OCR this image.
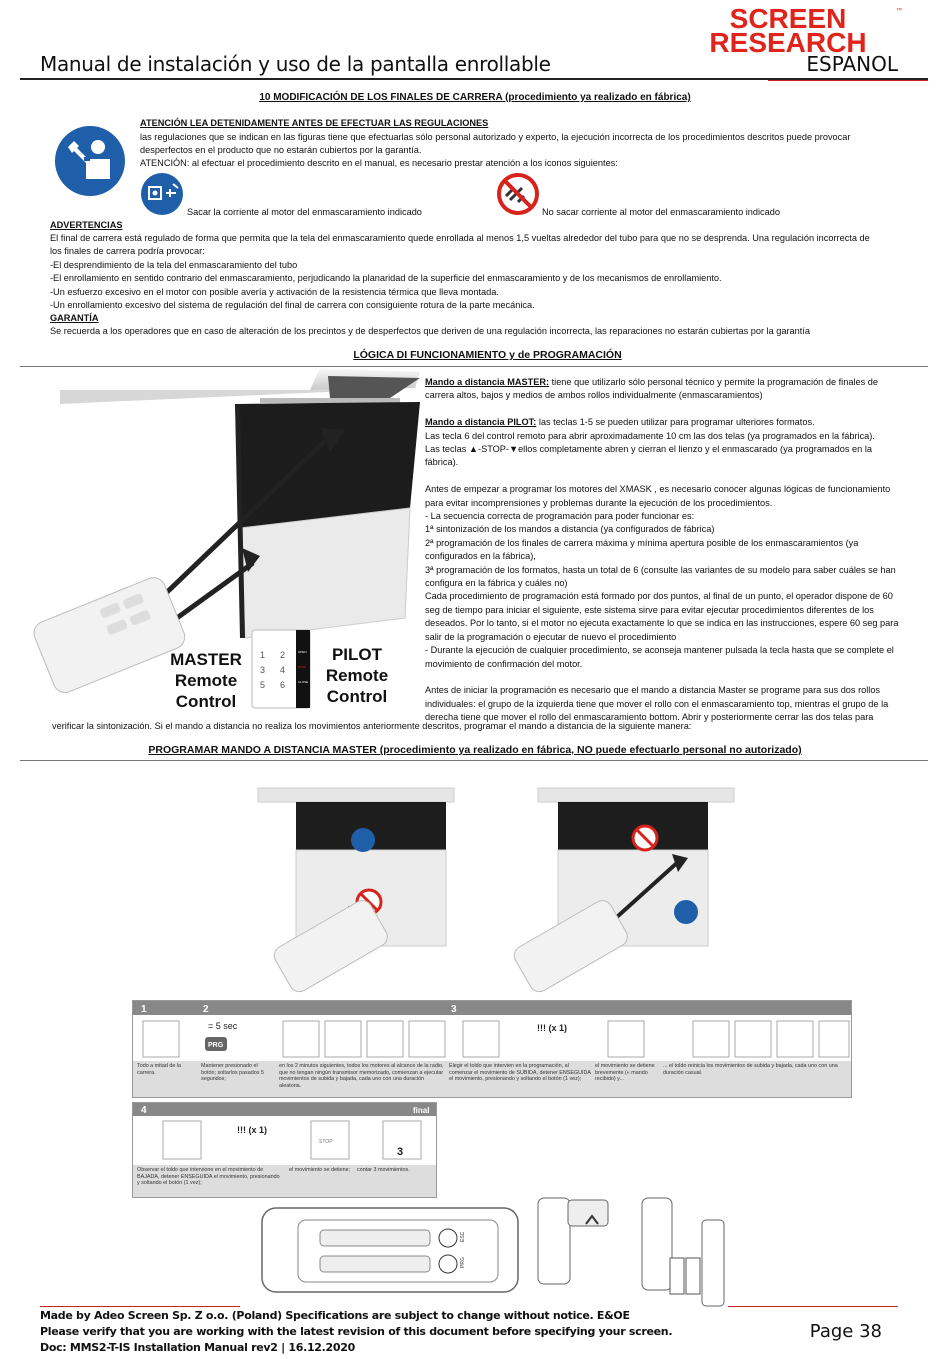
SCREEN
RESEARCH
™
Manual de instalación y uso de la pantalla enrollable	ESPANOL
10 MODIFICACIÓN DE LOS FINALES DE CARRERA (procedimiento ya realizado en fábrica)
ATENCIÓN LEA DETENIDAMENTE ANTES DE EFECTUAR LAS REGULACIONES
las regulaciones que se indican en las figuras tiene que efectuarlas sólo personal autorizado y experto, la ejecución incorrecta de los procedimientos descritos puede provocar
desperfectos en el producto que no estarán cubiertos por la garantía.
ATENCIÓN: al efectuar el procedimiento descrito en el manual, es necesario prestar atención a los iconos siguientes:
Sacar la corriente al motor del enmascaramiento indicado	No sacar corriente al motor del enmascaramiento indicado
ADVERTENCIAS
El final de carrera está regulado de forma que permita que la tela del enmascaramiento quede enrollada al menos 1,5 vueltas alrededor del tubo para que no se desprenda. Una regulación incorrecta de
los finales de carrera podría provocar:
-El desprendimiento de la tela del enmascaramiento del tubo
-El enrollamiento en sentido contrario del enmascaramiento, perjudicando la planaridad de la superficie del enmascaramiento y de los mecanismos de enrollamiento.
-Un esfuerzo excesivo en el motor con posible avería y activación de la resistencia térmica que lleva montada.
-Un enrollamiento excesivo del sistema de regulación del final de carrera con consiguiente rotura de la parte mecánica.
GARANTÍA
Se recuerda a los operadores que en caso de alteración de los precintos y de desperfectos que deriven de una regulación incorrecta, las reparaciones no estarán cubiertas por la garantía
LÓGICA DI FUNCIONAMIENTO y de PROGRAMACIÓN
1 2
3 4
5 6
OPEN
STOP
CLOSE
MASTER
Remote
Control
PILOT
Remote
Control
Mando a distancia MASTER: tiene que utilizarlo sólo personal técnico y permite la programación de finales de
carrera altos, bajos y medios de ambos rollos individualmente (enmascaramientos)
Mando a distancia PILOT: las teclas 1-5 se pueden utilizar para programar ulteriores formatos.
Las tecla 6 del control remoto para abrir aproximadamente 10 cm las dos telas (ya programados en la fábrica).
Las teclas ▲-STOP-▼ellos completamente abren y cierran el lienzo y el enmascarado (ya programados en la
fábrica).
Antes de empezar a programar los motores del XMASK , es necesario conocer algunas lógicas de funcionamiento
para evitar incomprensiones y problemas durante la ejecución de los procedimientos.
- La secuencia correcta de programación para poder funcionar es:
1ª sintonización de los mandos a distancia (ya configurados de fábrica)
2ª programación de los finales de carrera máxima y mínima apertura posible de los enmascaramientos (ya
configurados en la fábrica),
3ª programación de los formatos, hasta un total de 6 (consulte las variantes de su modelo para saber cuáles se han
configura en la fábrica y cuáles no)
Cada procedimiento de programación está formado por dos puntos, al final de un punto, el operador dispone de 60
seg de tiempo para iniciar el siguiente, este sistema sirve para evitar ejecutar procedimientos diferentes de los
deseados. Por lo tanto, si el motor no ejecuta exactamente lo que se indica en las instrucciones, espere 60 seg para
salir de la programación o ejecutar de nuevo el procedimiento
- Durante la ejecución de cualquier procedimiento, se aconseja mantener pulsada la tecla hasta que se complete el
movimiento de confirmación del motor.
Antes de iniciar la programación es necesario que el mando a distancia Master se programe para sus dos rollos
individuales: el grupo de la izquierda tiene que mover el rollo con el enmascaramiento top, mientras el grupo de la
derecha tiene que mover el rollo del enmascaramiento bottom. Abrir y posteriormente cerrar las dos telas para
verificar la sintonización. Si el mando a distancia no realiza los movimientos anteriormente descritos, programar el mando a distancia de la siguiente manera:
PROGRAMAR MANDO A DISTANCIA MASTER (procedimiento ya realizado en fábrica, NO puede efectuarlo personal no autorizado)
1	2	3
= 5 sec
PRG
!!! (x 1)
Todo a mitad de la carrera.
Mantener presionado el botón; soltarlos pasados 5 segundos;
en los 2 minutos siguientes, todos los motores al alcance de la radio, que no tengan ningún transmisor memorizado, comienzan a ejecutar movimientos de subida y bajada, cada uno con una duración aleatoria.
Elegir el toldo que intervien en la programación, al comenzar el movimiento de SUBIDA, detener ENSEGUIDA el movimiento, presionando y soltando el botón (1 vez);
el movimiento se detiene brevemente (« mando recibido) y...
... el toldo reinicia los movimientos de subida y bajada, cada uno con una duración casual.
4	final
!!! (x 1)
STOP
3
Observar el toldo que intervione en el movimiento de BAJADA, detener ENSEGUIDA el movimiento, presionando y soltando el botón (1 vez);
el movimiento se detiene; contar 3 movimientos.
ESC
PRG
Made by Adeo Screen Sp. Z o.o. (Poland) Specifications are subject to change without notice. E&OE
Please verify that you are working with the latest revision of this document before specifying your screen.
Doc: MMS2-T-IS Installation Manual rev2 | 16.12.2020
Page 38
